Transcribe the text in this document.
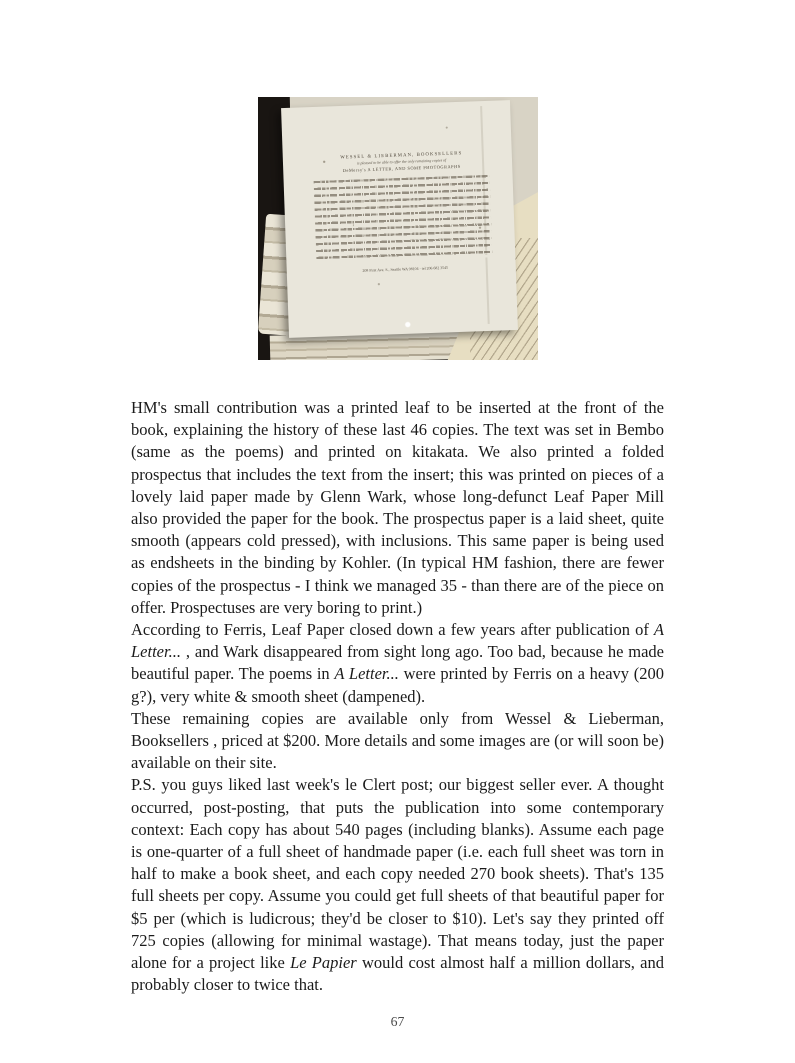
WESSEL & LIEBERMAN, BOOKSELLERS
is pleased to be able to offer the only remaining copies of
DeMersy's A LETTER, AND SOME PHOTOGRAPHS
208 First Ave. S., Seattle WA 98104 · tel 206 682 3545

HM's small contribution was a printed leaf to be inserted at the front of the book, explaining the history of these last 46 copies. The text was set in Bembo (same as the poems) and printed on kitakata. We also printed a folded prospectus that includes the text from the insert; this was printed on pieces of a lovely laid paper made by Glenn Wark, whose long-defunct Leaf Paper Mill also provided the paper for the book. The prospectus paper is a laid sheet, quite smooth (appears cold pressed), with inclusions. This same paper is being used as endsheets in the binding by Kohler. (In typical HM fashion, there are fewer copies of the prospectus - I think we managed 35 - than there are of the piece on offer. Prospectuses are very boring to print.)

According to Ferris, Leaf Paper closed down a few years after publication of A Letter... , and Wark disappeared from sight long ago. Too bad, because he made beautiful paper. The poems in A Letter... were printed by Ferris on a heavy (200 g?), very white & smooth sheet (dampened).

These remaining copies are available only from Wessel & Lieberman, Booksellers , priced at $200. More details and some images are (or will soon be) available on their site.

P.S. you guys liked last week's le Clert post; our biggest seller ever. A thought occurred, post-posting, that puts the publication into some contemporary context: Each copy has about 540 pages (including blanks). Assume each page is one-quarter of a full sheet of handmade paper (i.e. each full sheet was torn in half to make a book sheet, and each copy needed 270 book sheets). That's 135 full sheets per copy. Assume you could get full sheets of that beautiful paper for $5 per (which is ludicrous; they'd be closer to $10). Let's say they printed off 725 copies (allowing for minimal wastage). That means today, just the paper alone for a project like Le Papier would cost almost half a million dollars, and probably closer to twice that.

67
